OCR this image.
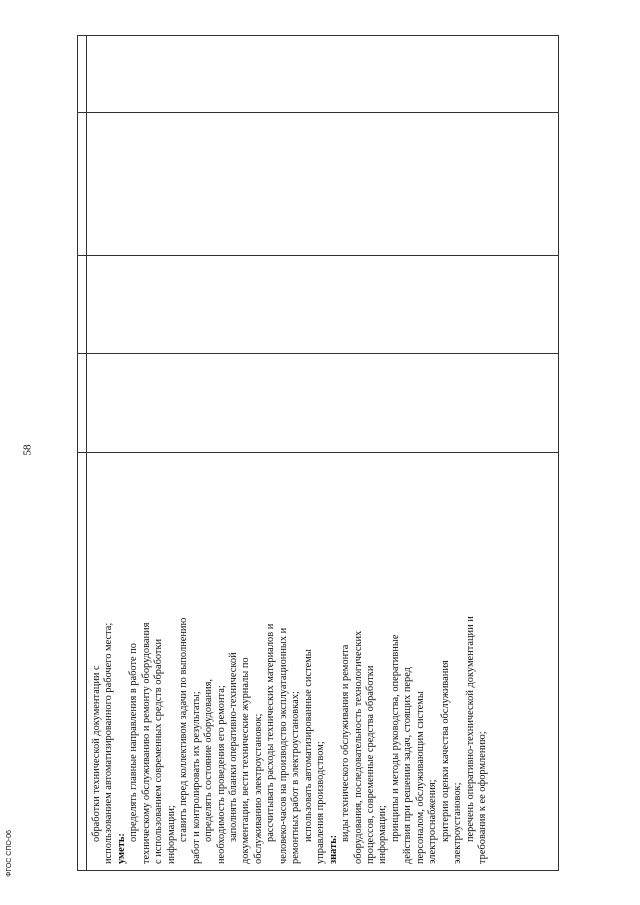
58
ФГОС СПО-06
обработки технической документации с использованием автоматизированного рабочего места; уметь:
определять главные направления в работе по техническому обслуживанию и ремонту оборудования с использованием современных средств обработки информации; ставить перед коллективом задачи по выполнению работ и контролировать их результаты; определять состояние оборудования, необходимость проведения его ремонта; заполнять бланки оперативно-технической документации, вести технические журналы по обслуживанию электроустановок; рассчитывать расходы технических материалов и человеко-часов на производство эксплуатационных и ремонтных работ в электроустановках; использовать автоматизированные системы управления производством; знать:
виды технического обслуживания и ремонта оборудования, последовательность технологических процессов, современные средства обработки информации; принципы и методы руководства, оперативные действия при решении задач, стоящих перед персоналом, обслуживающим системы электроснабжения; критерии оценки качества обслуживания электроустановок; перечень оперативно-технической документации и требования к ее оформлению;
